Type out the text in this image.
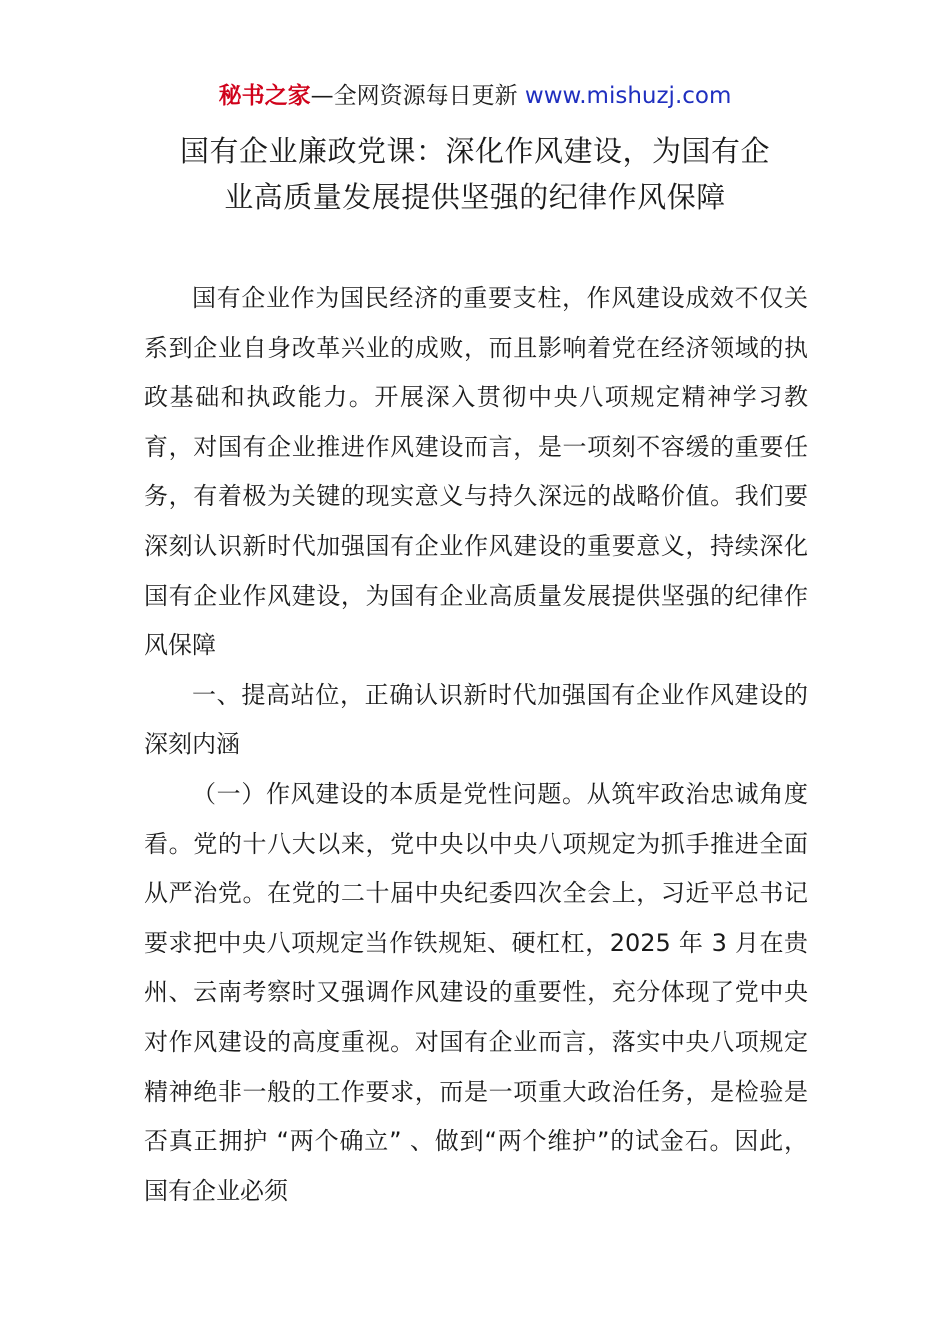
秘书之家—全网资源每日更新 www.mishuzj.com
国有企业廉政党课：深化作风建设，为国有企
业高质量发展提供坚强的纪律作风保障

国有企业作为国民经济的重要支柱，作风建设成效不仅关系到企业自身改革兴业的成败，而且影响着党在经济领域的执政基础和执政能力。开展深入贯彻中央八项规定精神学习教育，对国有企业推进作风建设而言，是一项刻不容缓的重要任务，有着极为关键的现实意义与持久深远的战略价值。我们要深刻认识新时代加强国有企业作风建设的重要意义，持续深化国有企业作风建设，为国有企业高质量发展提供坚强的纪律作风保障

一、提高站位，正确认识新时代加强国有企业作风建设的深刻内涵

（一）作风建设的本质是党性问题。从筑牢政治忠诚角度看。党的十八大以来，党中央以中央八项规定为抓手推进全面从严治党。在党的二十届中央纪委四次全会上，习近平总书记要求把中央八项规定当作铁规矩、硬杠杠，2025 年 3 月在贵州、云南考察时又强调作风建设的重要性，充分体现了党中央对作风建设的高度重视。对国有企业而言，落实中央八项规定精神绝非一般的工作要求，而是一项重大政治任务，是检验是否真正拥护 “两个确立” 、做到“两个维护”的试金石。因此，国有企业必须
